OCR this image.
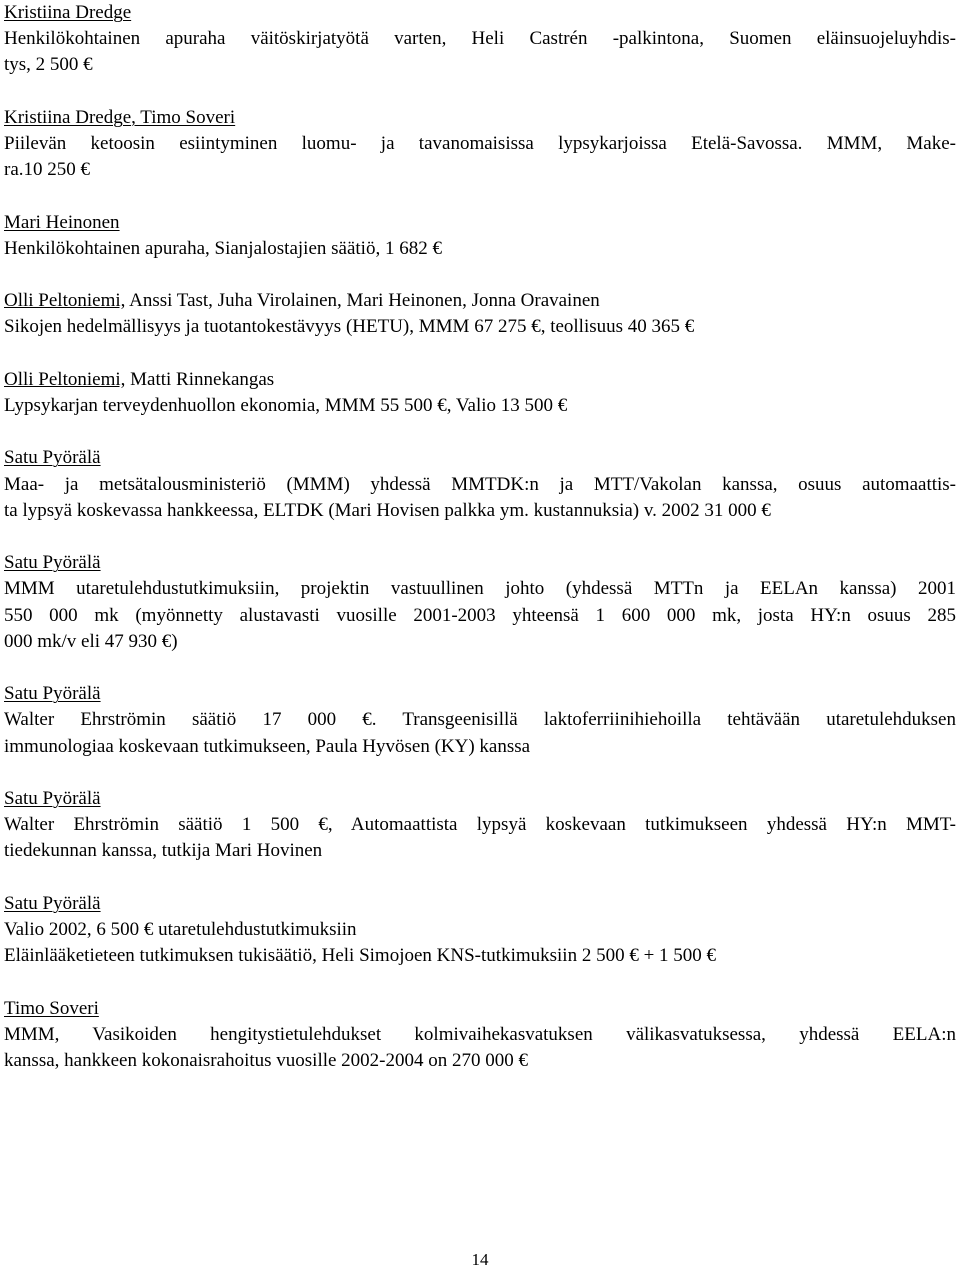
Kristiina Dredge
Henkilökohtainen apuraha väitöskirjatyötä varten, Heli Castrén -palkintona, Suomen eläinsuojeluyhdis-
tys, 2 500 €
Kristiina Dredge, Timo Soveri
Piilevän ketoosin esiintyminen luomu- ja tavanomaisissa lypsykarjoissa Etelä-Savossa. MMM, Make-
ra.10 250 €
Mari Heinonen
Henkilökohtainen apuraha, Sianjalostajien säätiö, 1 682 €
Olli Peltoniemi, Anssi Tast, Juha Virolainen, Mari Heinonen, Jonna Oravainen
Sikojen hedelmällisyys ja tuotantokestävyys (HETU), MMM 67 275 €, teollisuus 40 365 €
Olli Peltoniemi, Matti Rinnekangas
Lypsykarjan terveydenhuollon ekonomia, MMM 55 500 €, Valio 13 500 €
Satu Pyörälä
Maa- ja metsätalousministeriö (MMM) yhdessä MMTDK:n ja MTT/Vakolan kanssa, osuus automaattis-
ta lypsyä koskevassa hankkeessa, ELTDK (Mari Hovisen palkka ym. kustannuksia) v. 2002 31 000 €
Satu Pyörälä
MMM utaretulehdustutkimuksiin, projektin vastuullinen johto (yhdessä MTTn ja EELAn kanssa) 2001
550 000 mk (myönnetty alustavasti vuosille 2001-2003 yhteensä 1 600 000 mk, josta HY:n osuus 285
000 mk/v eli 47 930 €)
Satu Pyörälä
Walter Ehrströmin säätiö 17 000 €. Transgeenisillä laktoferriinihiehoilla tehtävään utaretulehduksen
immunologiaa koskevaan tutkimukseen, Paula Hyvösen (KY) kanssa
Satu Pyörälä
Walter Ehrströmin säätiö 1 500 €, Automaattista lypsyä koskevaan tutkimukseen yhdessä HY:n MMT-
tiedekunnan kanssa, tutkija Mari Hovinen
Satu Pyörälä
Valio 2002, 6 500 € utaretulehdustutkimuksiin
Eläinlääketieteen tutkimuksen tukisäätiö, Heli Simojoen KNS-tutkimuksiin 2 500 € + 1 500 €
Timo Soveri
MMM, Vasikoiden hengitystietulehdukset kolmivaihekasvatuksen välikasvatuksessa, yhdessä EELA:n
kanssa, hankkeen kokonaisrahoitus vuosille 2002-2004 on 270 000 €
14
